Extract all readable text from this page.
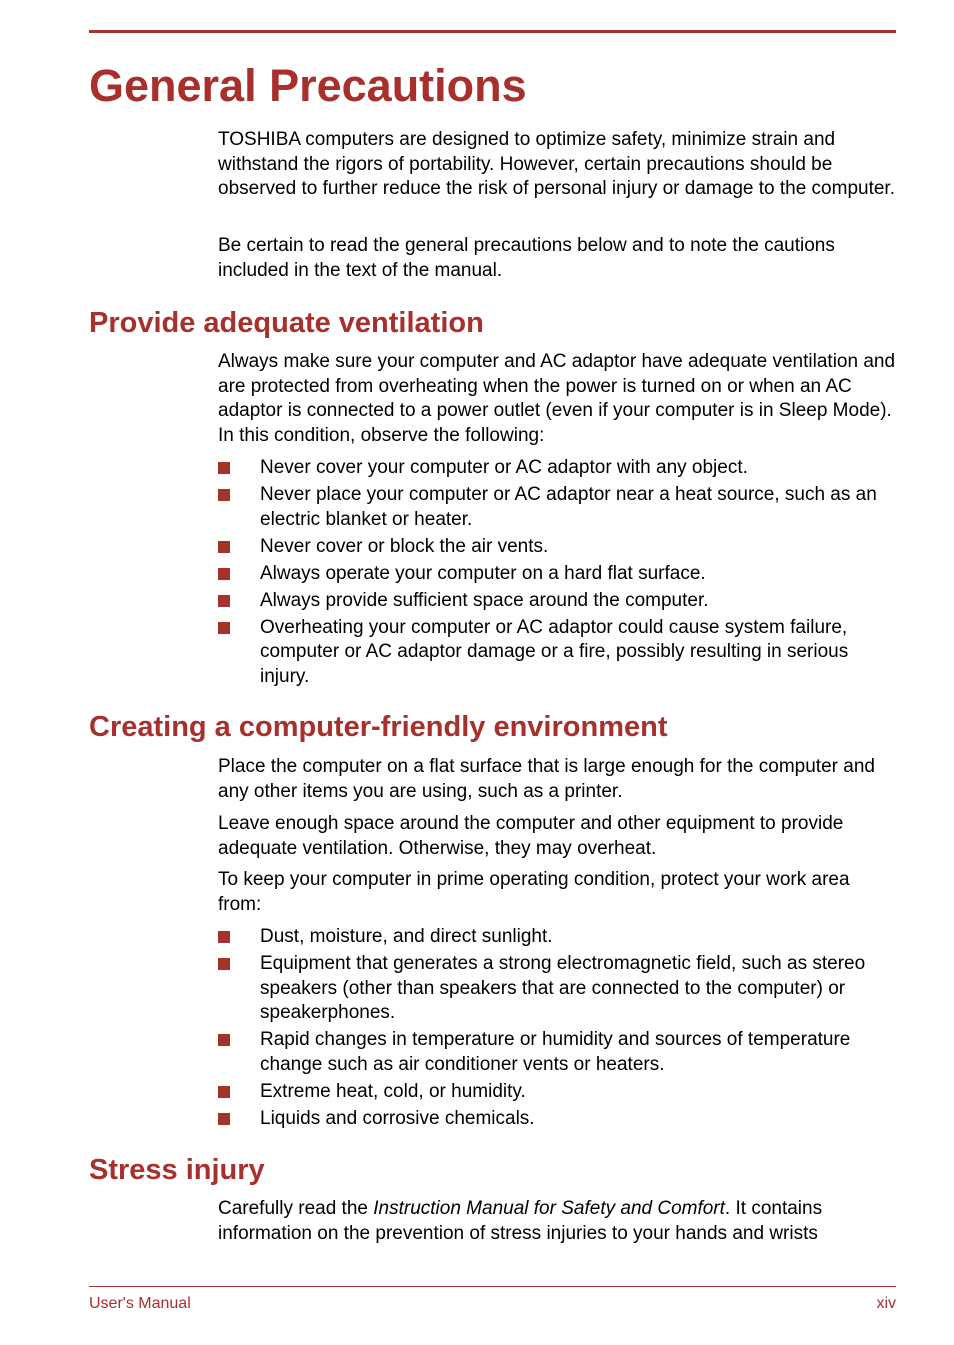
General Precautions

TOSHIBA computers are designed to optimize safety, minimize strain and withstand the rigors of portability. However, certain precautions should be observed to further reduce the risk of personal injury or damage to the computer.

Be certain to read the general precautions below and to note the cautions included in the text of the manual.

Provide adequate ventilation

Always make sure your computer and AC adaptor have adequate ventilation and are protected from overheating when the power is turned on or when an AC adaptor is connected to a power outlet (even if your computer is in Sleep Mode). In this condition, observe the following:

Never cover your computer or AC adaptor with any object.
Never place your computer or AC adaptor near a heat source, such as an electric blanket or heater.
Never cover or block the air vents.
Always operate your computer on a hard flat surface.
Always provide sufficient space around the computer.
Overheating your computer or AC adaptor could cause system failure, computer or AC adaptor damage or a fire, possibly resulting in serious injury.
Creating a computer-friendly environment

Place the computer on a flat surface that is large enough for the computer and any other items you are using, such as a printer.

Leave enough space around the computer and other equipment to provide adequate ventilation. Otherwise, they may overheat.

To keep your computer in prime operating condition, protect your work area from:

Dust, moisture, and direct sunlight.
Equipment that generates a strong electromagnetic field, such as stereo speakers (other than speakers that are connected to the computer) or speakerphones.
Rapid changes in temperature or humidity and sources of temperature change such as air conditioner vents or heaters.
Extreme heat, cold, or humidity.
Liquids and corrosive chemicals.
Stress injury

Carefully read the Instruction Manual for Safety and Comfort. It contains information on the prevention of stress injuries to your hands and wrists

User's Manual	xiv
